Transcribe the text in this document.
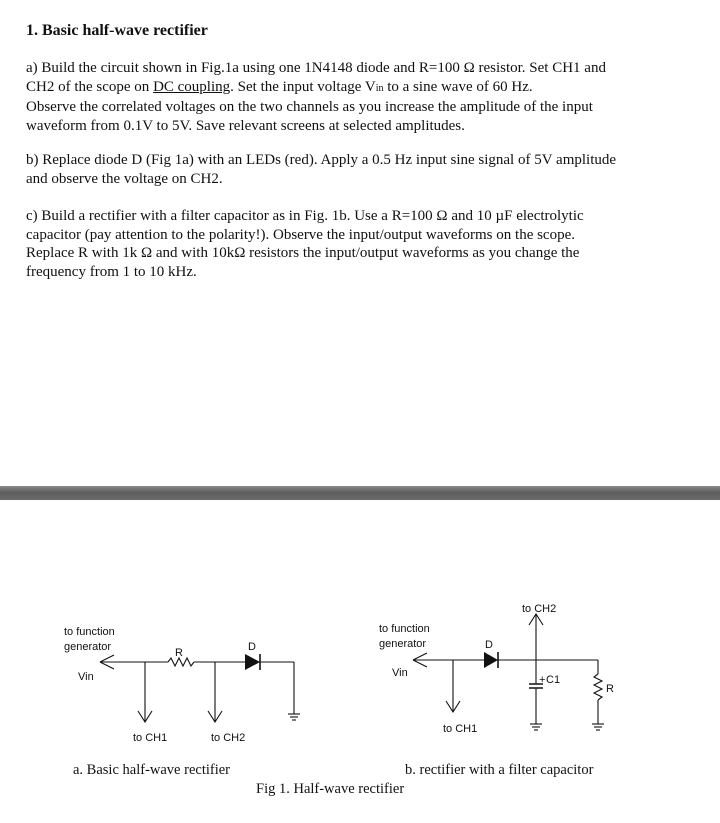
1. Basic half-wave rectifier

a) Build the circuit shown in Fig.1a using one 1N4148 diode and R=100 Ω resistor. Set CH1 and
CH2 of the scope on DC coupling. Set the input voltage Vin to a sine wave of 60 Hz.
Observe the correlated voltages on the two channels as you increase the amplitude of the input
waveform from 0.1V to 5V. Save relevant screens at selected amplitudes.

b) Replace diode D (Fig 1a) with an LEDs (red). Apply a 0.5 Hz input sine signal of 5V amplitude
and observe the voltage on CH2.

c) Build a rectifier with a filter capacitor as in Fig. 1b. Use a R=100 Ω and 10 µF electrolytic
capacitor (pay attention to the polarity!). Observe the input/output waveforms on the scope.
Replace R with 1k Ω and with 10kΩ resistors the input/output waveforms as you change the
frequency from 1 to 10 kHz.

to function
generator
Vin
R	D
to CH1	to CH2
to function
generator
Vin
D
to CH2
+ C1
R
to CH1

a. Basic half-wave rectifier	b. rectifier with a filter capacitor

Fig 1. Half-wave rectifier
